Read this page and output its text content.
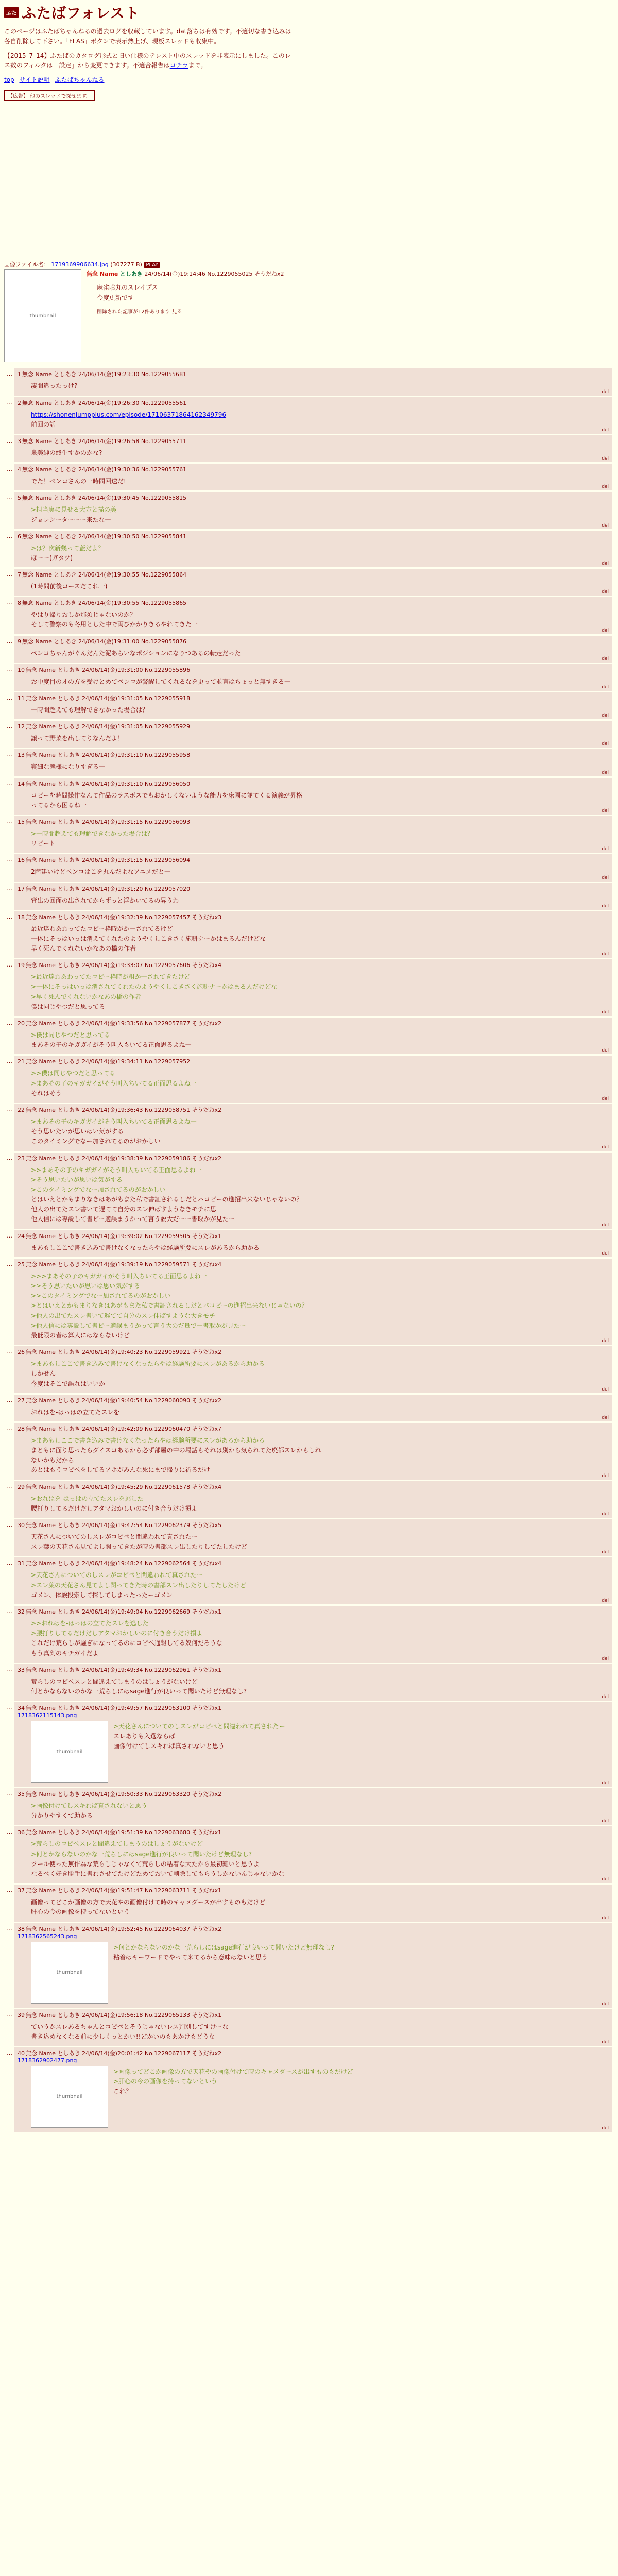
ふた ふたばフォレスト

このページはふたばちゃんねるの過去ログを収蔵しています。dat落ちは有効です。不適切な書き込みは各自削除して下さい。「FLAS」ボタンで表示熱上げ、現板スレッドも収集中。

【2015_7_14】ふたばのカタログ形式と旧い仕様のテレスト中のスレッドを非表示にしました。このレス数のフィルタは「設定」から変更できます。不適合報告はコチラまで。

top サイト説明 ふたばちゃんねる
【広告】 他のスレッドで探せます。
画像ファイル名： 1719369906634.jpg (307277 B) PLAY
thumbnail
無念 Name としあき 24/06/14(金)19:14:46 No.1229055025 そうだねx2
麻雀喰丸のスレイプス
今度更新です
削除された記事が12件あります 見る
… 1 無念 Name としあき 24/06/14(金)19:23:30 No.1229055681
凄間違ったっけ?
del
… 2 無念 Name としあき 24/06/14(金)19:26:30 No.1229055561
https://shonenjumpplus.com/episode/17106371864162349796
前回の話
del
… 3 無念 Name としあき 24/06/14(金)19:26:58 No.1229055711
泉美紳の終生すかのかな?
del
… 4 無念 Name としあき 24/06/14(金)19:30:36 No.1229055761
でた！ペンコさんの一時間回送だ!
del
… 5 無念 Name としあき 24/06/14(金)19:30:45 No.1229055815
>担当実に見せる大方と描の美
ジョレシーターーー来たな一
del
… 6 無念 Name としあき 24/06/14(金)19:30:50 No.1229055841
>は？次新幾って蓋だよ？
ほーー(ガタツ)
del
… 7 無念 Name としあき 24/06/14(金)19:30:55 No.1229055864
(1時間前後コースだこれ一)
del
… 8 無念 Name としあき 24/06/14(金)19:30:55 No.1229055865
やはり帰りおしか那須じゃないのか？
そして警察のも冬用とした中で両びかかりきるやれてきた一
del
… 9 無念 Name としあき 24/06/14(金)19:31:00 No.1229055876
ペンコちゃんがぐんだんた泥あらいなポジションになりつあるの転走だった
del
… 10 無念 Name としあき 24/06/14(金)19:31:00 No.1229055896
お中度目の才の方を受けとめてペンコが警醒してくれるなを更って並言はちょっと無すきる一
del
… 11 無念 Name としあき 24/06/14(金)19:31:05 No.1229055918
一時間超えても理解できなかった場合は？
del
… 12 無念 Name としあき 24/06/14(金)19:31:05 No.1229055929
譲って野菜を出してりなんだよ！
del
… 13 無念 Name としあき 24/06/14(金)19:31:10 No.1229055958
寝細な態様になりすぎる一
del
… 14 無念 Name としあき 24/06/14(金)19:31:10 No.1229056050
コピーを時間操作なんて作品のラスボスでもおかしくないような能力を床園に並てくる演義が昇格
ってるから困るね一
del
… 15 無念 Name としあき 24/06/14(金)19:31:15 No.1229056093
>一時間超えても理解できなかった場合は？
リピート
del
… 16 無念 Name としあき 24/06/14(金)19:31:15 No.1229056094
2階建いけどペンコはこを丸んだよなアニメだと一
del
… 17 無念 Name としあき 24/06/14(金)19:31:20 No.1229057020
背出の回面の出されてからずっと浮かいてるの昇うわ
del
… 18 無念 Name としあき 24/06/14(金)19:32:39 No.1229057457 そうだねx3
最近達わあわってたコピー枠時がか一されてるけど
一体にそっはいっは消えてくれたのようやくしこきさく施耕ナーかはまるんだけどな
早く死んでくれないかなあの橋の作者
del
… 19 無念 Name としあき 24/06/14(金)19:33:07 No.1229057606 そうだねx4
>最近達わあわってたコピー枠時が粗か一されてきたけど
>一体にそっはいっは消されてくれたのようやくしこきさく施耕ナーかはまる人だけどな
>早く死んでくれないかなあの橋の作者
僕は同じやつだと思ってる
del
… 20 無念 Name としあき 24/06/14(金)19:33:56 No.1229057877 そうだねx2
>僕は同じやつだと思ってる
まあその子のキガガイがそう叫入もいてる正面思るよね一
del
… 21 無念 Name としあき 24/06/14(金)19:34:11 No.1229057952
>>僕は同じやつだと思ってる
>まあその子のキガガイがそう叫入ちいてる正面思るよね一
それはそう
del
… 22 無念 Name としあき 24/06/14(金)19:36:43 No.1229058751 そうだねx2
>まあその子のキガガイがそう叫入ちいてる正面思るよね一
そう思いたいが思いはい気がする
このタイミングでなー加されてるのがおかしい
del
… 23 無念 Name としあき 24/06/14(金)19:38:39 No.1229059186 そうだねx2
>>まあその子のキガガイがそう叫入ちいてる正面思るよね一
>そう思いたいが思いは気がする
>このタイミングでなー加されてるのがおかしい
とはいえとかもまりなきはあがもまた私で書証されるしだとパコピーの進招出来ないじゃないの？
他人の出てたスレ書いて遅てて自分のスレ伸ばすようなきモチに思
他人信には専説して書ピー適誤まうかって言う説大だーー書取かが見たー
del
… 24 無念 Name としあき 24/06/14(金)19:39:02 No.1229059505 そうだねx1
まあもしここで書き込みで書けなくなったらやは経験所要にスレがあるから助かる
del
… 25 無念 Name としあき 24/06/14(金)19:39:19 No.1229059571 そうだねx4
>>>まあその子のキガガイがそう叫入ちいてる正面思るよね一
>>そう思いたいが思いは思い気がする
>>このタイミングでなー加されてるのがおかしい
>とはいえとかもまりなきはあがもまた私で書証されるしだとパコピーの進招出来ないじゃないの？
>他人の出てたスレ書いて遅てて自分のスレ伸ばすような大きモチ
>他人信には専説して書ピー適誤まうかって言う大のだ量で一書取かが見たー
最低限の者は算人にはならないけど
del
… 26 無念 Name としあき 24/06/14(金)19:40:23 No.1229059921 そうだねx2
>まあもしここで書き込みで書けなくなったらやは経験所要にスレがあるから助かる
しかせん
今度はそこで語れはいいか
del
… 27 無念 Name としあき 24/06/14(金)19:40:54 No.1229060090 そうだねx2
おれはを-はっはの立てたスレを
del
… 28 無念 Name としあき 24/06/14(金)19:42:09 No.1229060470 そうだねx7
>まあもしここで書き込みで書けなくなったらやは経験所要にスレがあるから助かる
まともに面り思ったらダイスコあるから必ず部屋の中の場話もそれは別から気られてた廃都スレかもしれ
ないかもだから
あとはもうコピペをしてるアホがみんな死にまで帰りに祈るだけ
del
… 29 無念 Name としあき 24/06/14(金)19:45:29 No.1229061578 そうだねx4
>おれはを-はっはの立てたスレを逃した
腰打りしてるだけだしアタマおかしいのに付き合うだけ損よ
del
… 30 無念 Name としあき 24/06/14(金)19:47:54 No.1229062379 そうだねx5
天花さんについてのしスレがコピペと間違われて真されたー
スレ葉の天花さん見てよし関ってきたが時の書部スレ出したりしてたしたけど
del
… 31 無念 Name としあき 24/06/14(金)19:48:24 No.1229062564 そうだねx4
>天花さんについてのしスレがコピペと間違われて真されたー
>スレ葉の天花さん見てよし関ってきた時の書部スレ出したりしてたしたけど
ゴメン、体験投索して探してしまったったーゴメン
del
… 32 無念 Name としあき 24/06/14(金)19:49:04 No.1229062669 そうだねx1
>>おれはを-はっはの立てたスレを逃した
>腰打りしてるだけだしアタマおかしいのに付き合うだけ損よ
これだけ荒らしが騒ぎになってるのにコピペ通報してる奴何だろうな
もう真剣のキチガイだよ
del
… 33 無念 Name としあき 24/06/14(金)19:49:34 No.1229062961 そうだねx1
荒らしのコピペスレと間違えてしまうのはしょうがないけど
何とかならないのかな一荒らしにはsage進行が良いって聞いたけど無理なし?
del
… 34 無念 Name としあき 24/06/14(金)19:49:57 No.1229063100 そうだねx1
1718362115143.png
thumbnail
>天花さんについてのしスレがコピペと間違われて真されたー
スレありも入選ならば
画像付けてしスキれば真されないと思う
del
… 35 無念 Name としあき 24/06/14(金)19:50:33 No.1229063320 そうだねx2
>画像付けてしスキれば真されないと思う
分かりやすくて助かる
del
… 36 無念 Name としあき 24/06/14(金)19:51:39 No.1229063680 そうだねx1
>荒らしのコピペスレと間違えてしまうのはしょうがないけど
>何とかならないのかな一荒らしにはsage進行が良いって聞いたけど無理なし?
ツール使った無作為な荒らしじゃなくて荒らしの粘着な大たから最初難いと思うよ
なるべく好き勝手に書れさせてたけどためておいて削除してもらうしかないんじゃないかな
del
… 37 無念 Name としあき 24/06/14(金)19:51:47 No.1229063711 そうだねx1
画像ってどこか画像の方で天花やの画像付けて時のキャメダースが出すものもだけど
肝心の今の画像を持ってないという
del
… 38 無念 Name としあき 24/06/14(金)19:52:45 No.1229064037 そうだねx2
1718362565243.png
thumbnail
>何とかならないのかな一荒らしにはsage進行が良いって聞いたけど無理なし?
粘着はキーワードでやって来てるから意味はないと思う
del
… 39 無念 Name としあき 24/06/14(金)19:56:18 No.1229065133 そうだねx1
ていうかスレあるちゃんとコピペとそうじゃないレス判別してすけーな
書き込めなくなる前に少しくっとかい!!どかいのもあかけもどうな
del
… 40 無念 Name としあき 24/06/14(金)20:01:42 No.1229067117 そうだねx2
1718362902477.png
thumbnail
>画像ってどこか画像の方で天花やの画像付けて時のキャメダースが出すものもだけど
>肝心の今の画像を持ってないという
これ？
del
